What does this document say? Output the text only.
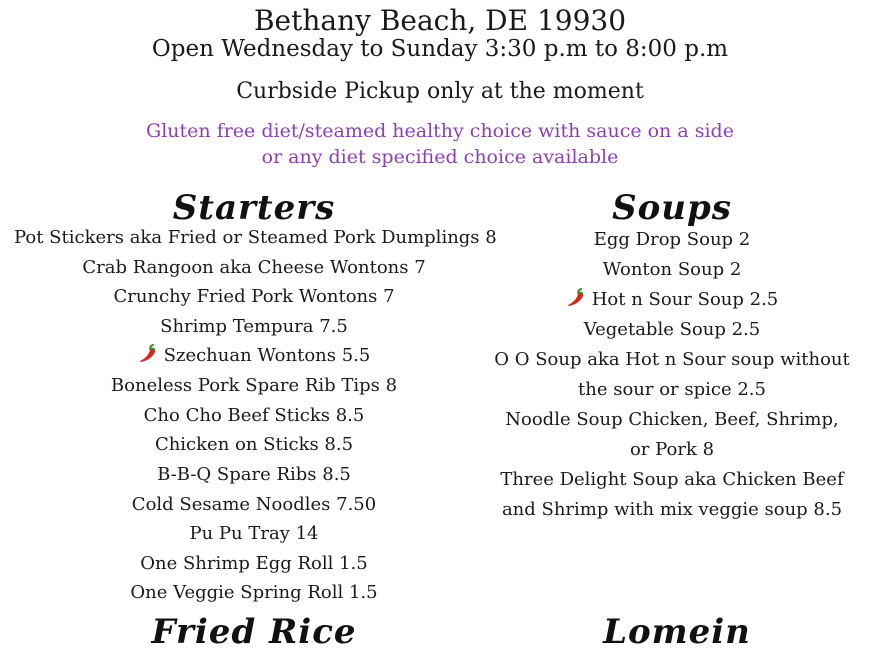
Bethany Beach, DE 19930
Open Wednesday to Sunday 3:30 p.m to 8:00 p.m
Curbside Pickup only at the moment
Gluten free diet/steamed healthy choice with sauce on a side
or any diet specified choice available
Starters
Pot Stickers aka Fried or Steamed Pork Dumplings 8
Crab Rangoon aka Cheese Wontons 7
Crunchy Fried Pork Wontons 7
Shrimp Tempura 7.5
Szechuan Wontons 5.5
Boneless Pork Spare Rib Tips 8
Cho Cho Beef Sticks 8.5
Chicken on Sticks 8.5
B-B-Q Spare Ribs 8.5
Cold Sesame Noodles 7.50
Pu Pu Tray 14
One Shrimp Egg Roll 1.5
One Veggie Spring Roll 1.5
Soups
Egg Drop Soup 2
Wonton Soup 2
Hot n Sour Soup 2.5
Vegetable Soup 2.5
O O Soup aka Hot n Sour soup without
the sour or spice 2.5
Noodle Soup Chicken, Beef, Shrimp,
or Pork 8
Three Delight Soup aka Chicken Beef
and Shrimp with mix veggie soup 8.5
Fried Rice	Lomein
